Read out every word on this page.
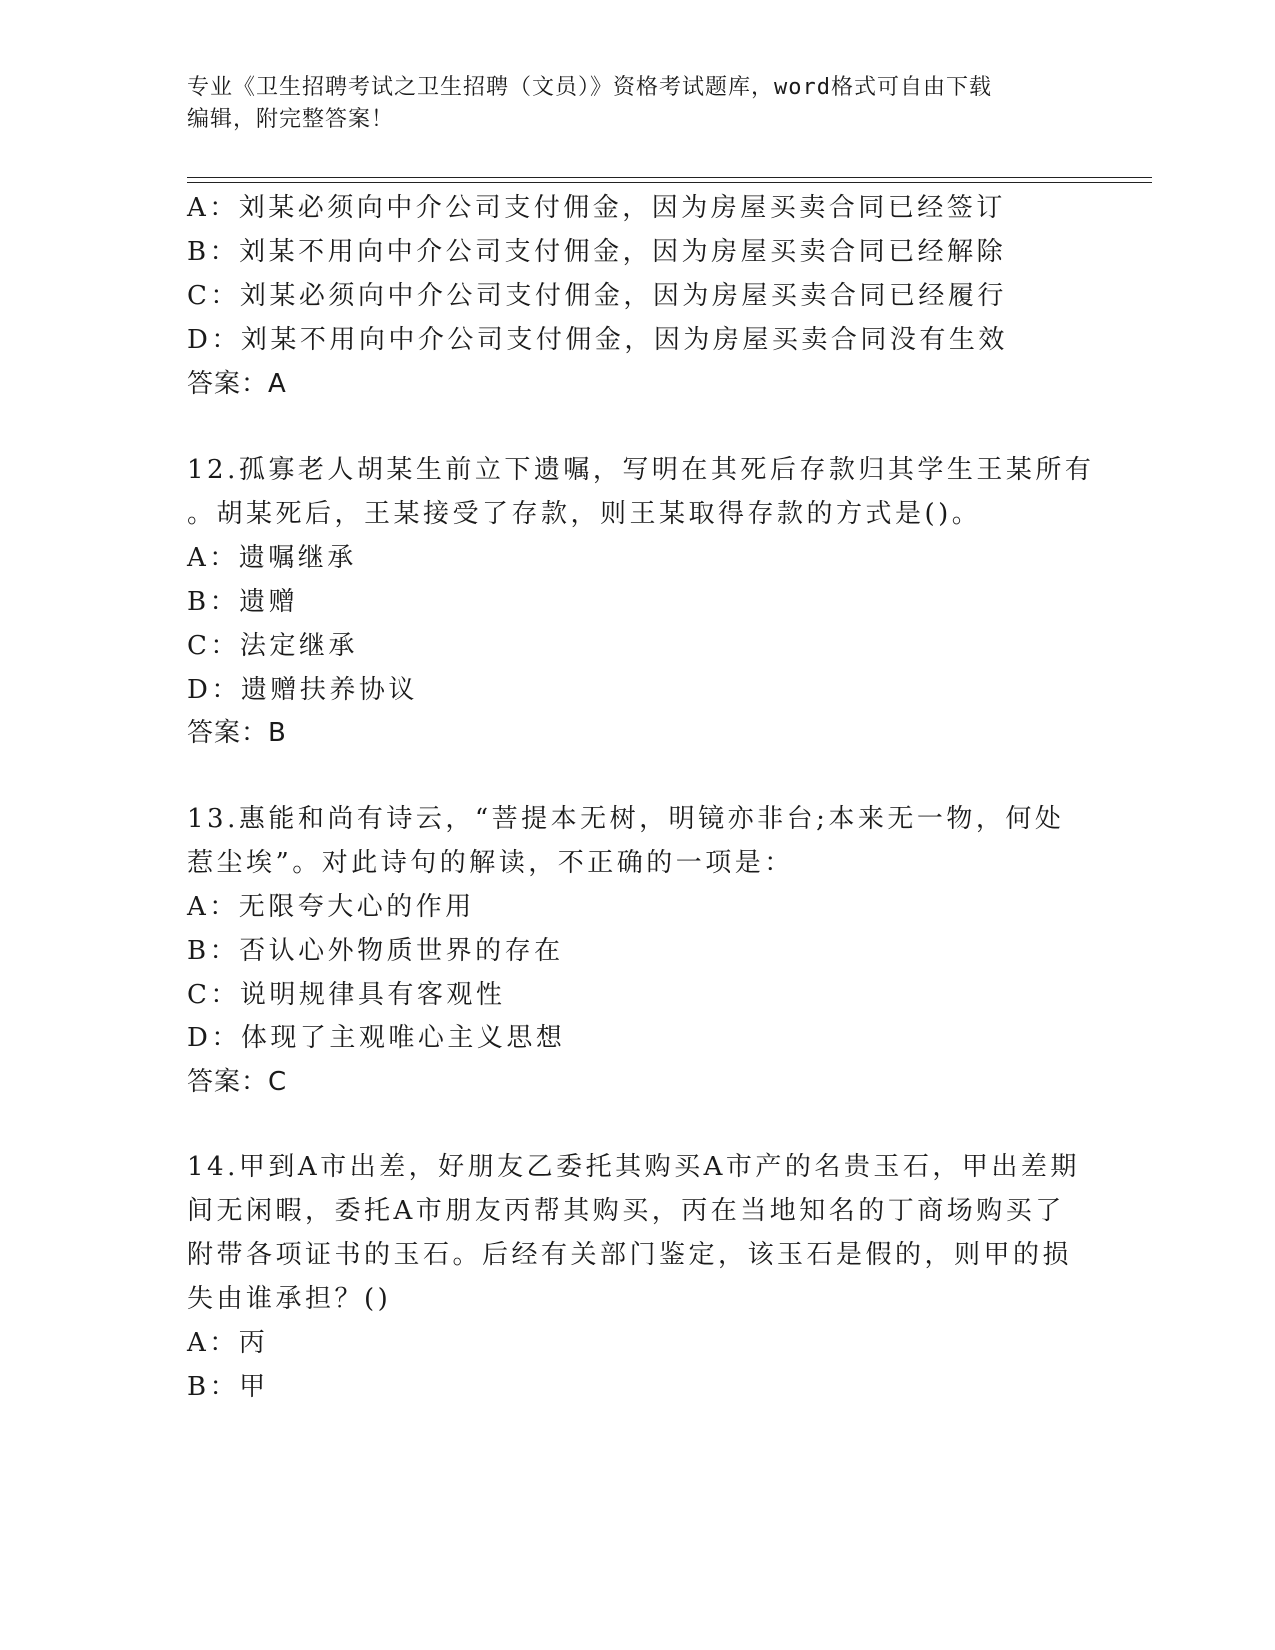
专业《卫生招聘考试之卫生招聘（文员）》资格考试题库，word格式可自由下载
编辑，附完整答案！
A：刘某必须向中介公司支付佣金，因为房屋买卖合同已经签订
B：刘某不用向中介公司支付佣金，因为房屋买卖合同已经解除
C：刘某必须向中介公司支付佣金，因为房屋买卖合同已经履行
D：刘某不用向中介公司支付佣金，因为房屋买卖合同没有生效
答案：A
12.孤寡老人胡某生前立下遗嘱，写明在其死后存款归其学生王某所有
。胡某死后，王某接受了存款，则王某取得存款的方式是()。
A：遗嘱继承
B：遗赠
C：法定继承
D：遗赠扶养协议
答案：B
13.惠能和尚有诗云，“菩提本无树，明镜亦非台;本来无一物，何处
惹尘埃”。对此诗句的解读，不正确的一项是：
A：无限夸大心的作用
B：否认心外物质世界的存在
C：说明规律具有客观性
D：体现了主观唯心主义思想
答案：C
14.甲到A市出差，好朋友乙委托其购买A市产的名贵玉石，甲出差期
间无闲暇，委托A市朋友丙帮其购买，丙在当地知名的丁商场购买了
附带各项证书的玉石。后经有关部门鉴定，该玉石是假的，则甲的损
失由谁承担？()
A：丙
B：甲
